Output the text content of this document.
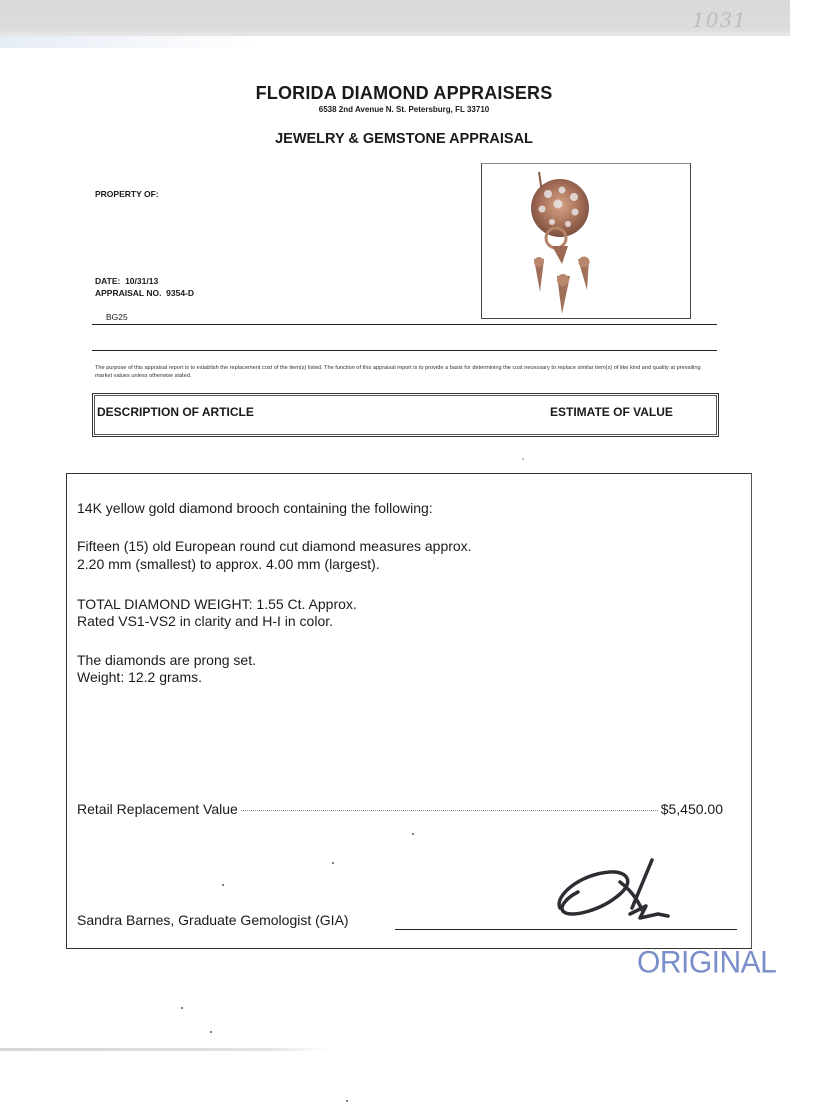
1031
FLORIDA DIAMOND APPRAISERS
6538 2nd Avenue N. St. Petersburg, FL 33710
JEWELRY & GEMSTONE APPRAISAL
PROPERTY OF:
DATE: 10/31/13
APPRAISAL NO. 9354-D
BG25
The purpose of this appraisal report is to establish the replacement cost of the item(s) listed. The function of this appraisal report is to provide a basis for determining the cost necessary to replace similar item(s) of like kind and quality at prevailing market values unless otherwise stated.
DESCRIPTION OF ARTICLE	ESTIMATE OF VALUE
14K yellow gold diamond brooch containing the following:
Fifteen (15) old European round cut diamond measures approx.
2.20 mm (smallest) to approx. 4.00 mm (largest).
TOTAL DIAMOND WEIGHT: 1.55 Ct. Approx.
Rated VS1-VS2 in clarity and H-I in color.
The diamonds are prong set.
Weight: 12.2 grams.
Retail Replacement Value	$5,450.00
Sandra Barnes, Graduate Gemologist (GIA)
ORIGINAL
